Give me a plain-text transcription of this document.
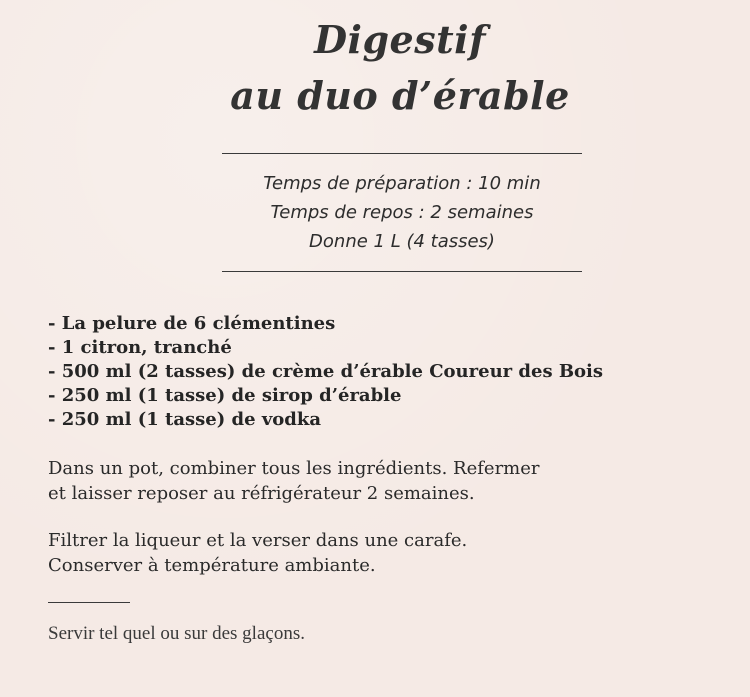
Digestif
au duo d’érable
Temps de préparation : 10 min
Temps de repos : 2 semaines
Donne 1 L (4 tasses)
- La pelure de 6 clémentines
- 1 citron, tranché
- 500 ml (2 tasses) de crème d’érable Coureur des Bois
- 250 ml (1 tasse) de sirop d’érable
- 250 ml (1 tasse) de vodka
Dans un pot, combiner tous les ingrédients. Refermer
et laisser reposer au réfrigérateur 2 semaines.
Filtrer la liqueur et la verser dans une carafe.
Conserver à température ambiante.
Servir tel quel ou sur des glaçons.
